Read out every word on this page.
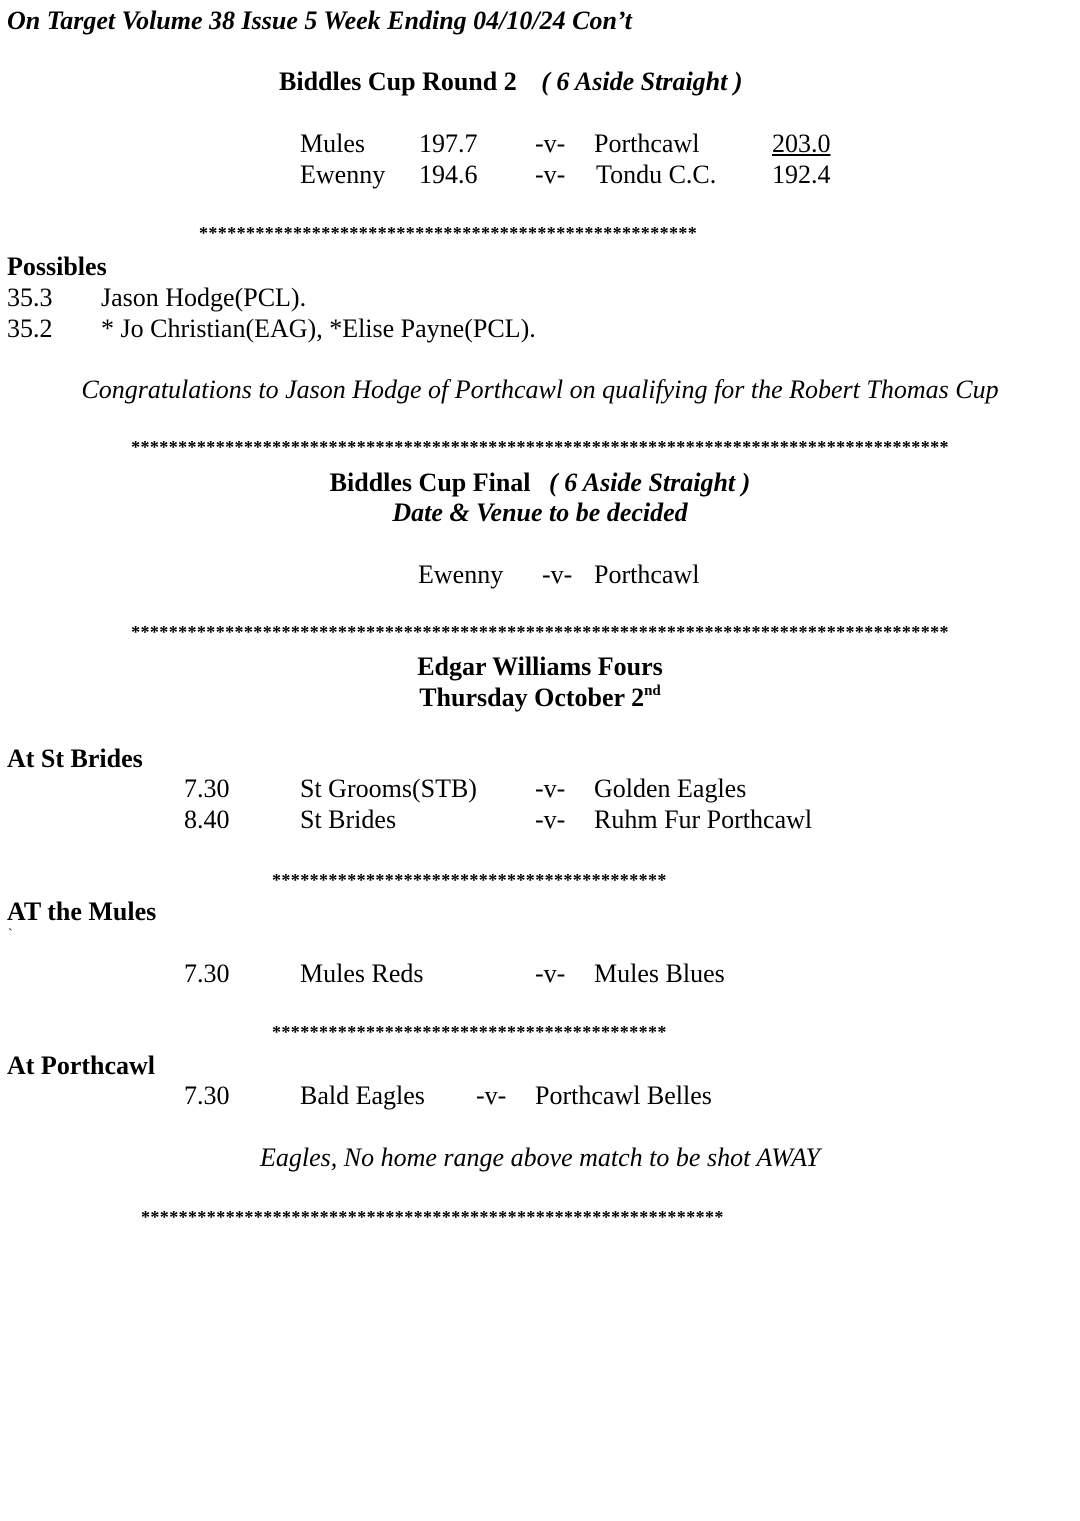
On Target Volume 38 Issue 5 Week Ending 04/10/24 Con’t
Biddles Cup Round 2 ( 6 Aside Straight )
Mules 197.7 -v- Porthcawl	203.0
Ewenny 194.6 -v- Tondu C.C. 192.4
*****************************************************
Possibles
35.3 Jason Hodge(PCL).
35.2 * Jo Christian(EAG), *Elise Payne(PCL).
Congratulations to Jason Hodge of Porthcawl on qualifying for the Robert Thomas Cup
***************************************************************************************
Biddles Cup Final ( 6 Aside Straight )
Date & Venue to be decided
Ewenny -v- Porthcawl
***************************************************************************************
Edgar Williams Fours
Thursday October 2nd
At St Brides
7.30	St Grooms(STB) -v- Golden Eagles
8.40	St Brides	-v- Ruhm Fur Porthcawl
******************************************
AT the Mules
`
7.30	Mules Reds	-v- Mules Blues
******************************************
At Porthcawl
7.30	Bald Eagles -v- Porthcawl Belles
Eagles, No home range above match to be shot AWAY
**************************************************************
